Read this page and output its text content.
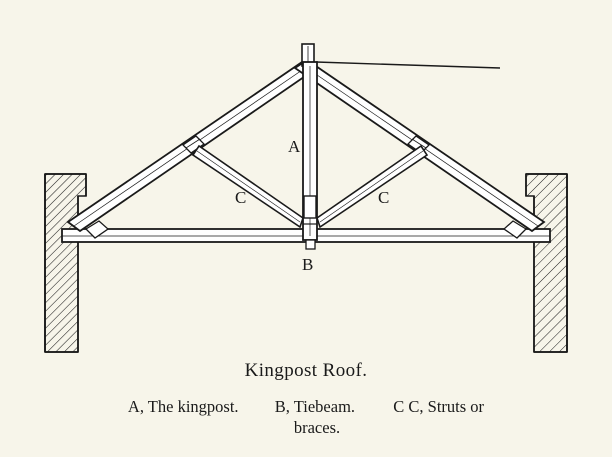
A
B
C	C
Kingpost Roof.
A, The kingpost. B, Tiebeam. C C, Struts or
braces.
